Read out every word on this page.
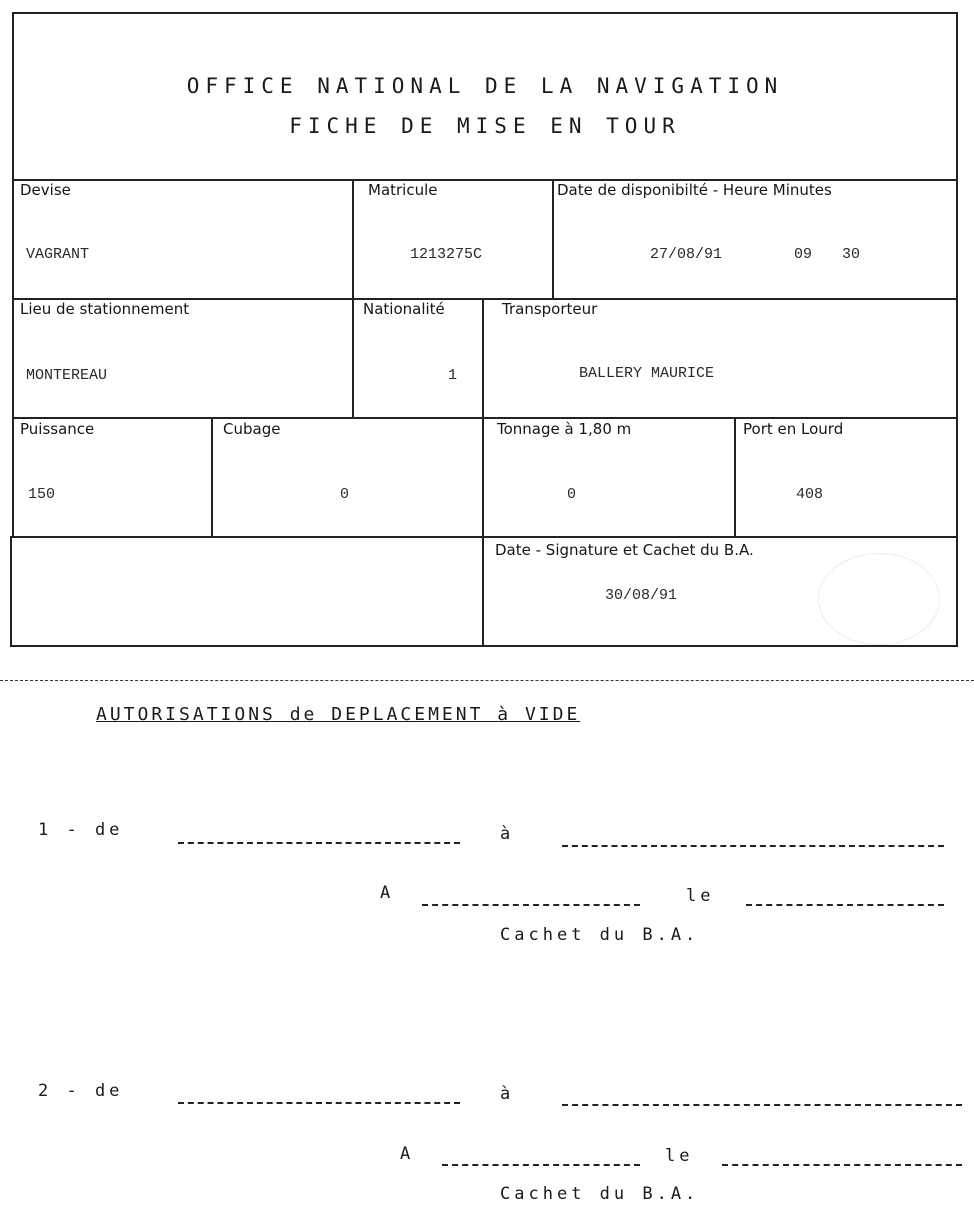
OFFICE NATIONAL DE LA NAVIGATION
FICHE DE MISE EN TOUR
Devise
VAGRANT
Matricule
1213275C
Date de disponibilté - Heure Minutes
27/08/91	09 30
Lieu de stationnement
MONTEREAU
Nationalité
1
Transporteur
BALLERY MAURICE
Puissance
150
Cubage
0
Tonnage à 1,80 m
0
Port en Lourd
408
Date - Signature et Cachet du B.A.
30/08/91
AUTORISATIONS de DEPLACEMENT à VIDE
1 - de	à
A	le
Cachet du B.A.
2 - de	à
A	le
Cachet du B.A.
